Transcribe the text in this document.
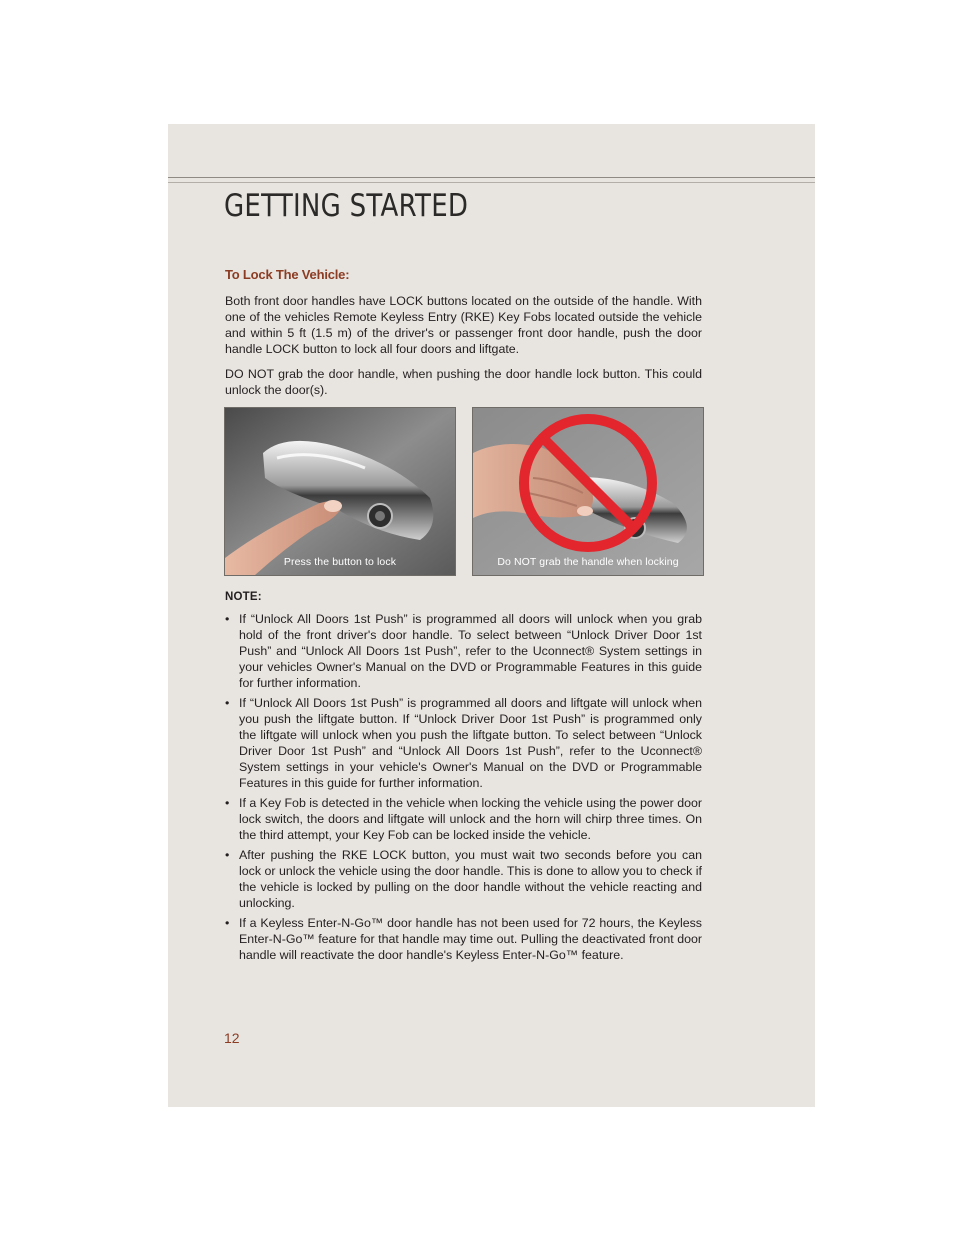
GETTING STARTED
To Lock The Vehicle:

Both front door handles have LOCK buttons located on the outside of the handle. With one of the vehicles Remote Keyless Entry (RKE) Key Fobs located outside the vehicle and within 5 ft (1.5 m) of the driver's or passenger front door handle, push the door handle LOCK button to lock all four doors and liftgate.

DO NOT grab the door handle, when pushing the door handle lock button. This could unlock the door(s).

Press the button to lock	Do NOT grab the handle when locking

NOTE:

• If “Unlock All Doors 1st Push” is programmed all doors will unlock when you grab hold of the front driver's door handle. To select between “Unlock Driver Door 1st Push” and “Unlock All Doors 1st Push”, refer to the Uconnect® System settings in your vehicles Owner's Manual on the DVD or Programmable Features in this guide for further information.
• If “Unlock All Doors 1st Push” is programmed all doors and liftgate will unlock when you push the liftgate button. If “Unlock Driver Door 1st Push” is programmed only the liftgate will unlock when you push the liftgate button. To select between “Unlock Driver Door 1st Push” and “Unlock All Doors 1st Push”, refer to the Uconnect® System settings in your vehicle's Owner's Manual on the DVD or Programmable Features in this guide for further information.
• If a Key Fob is detected in the vehicle when locking the vehicle using the power door lock switch, the doors and liftgate will unlock and the horn will chirp three times. On the third attempt, your Key Fob can be locked inside the vehicle.
• After pushing the RKE LOCK button, you must wait two seconds before you can lock or unlock the vehicle using the door handle. This is done to allow you to check if the vehicle is locked by pulling on the door handle without the vehicle reacting and unlocking.
• If a Keyless Enter-N-Go™ door handle has not been used for 72 hours, the Keyless Enter-N-Go™ feature for that handle may time out. Pulling the deactivated front door handle will reactivate the door handle's Keyless Enter-N-Go™ feature.

12
